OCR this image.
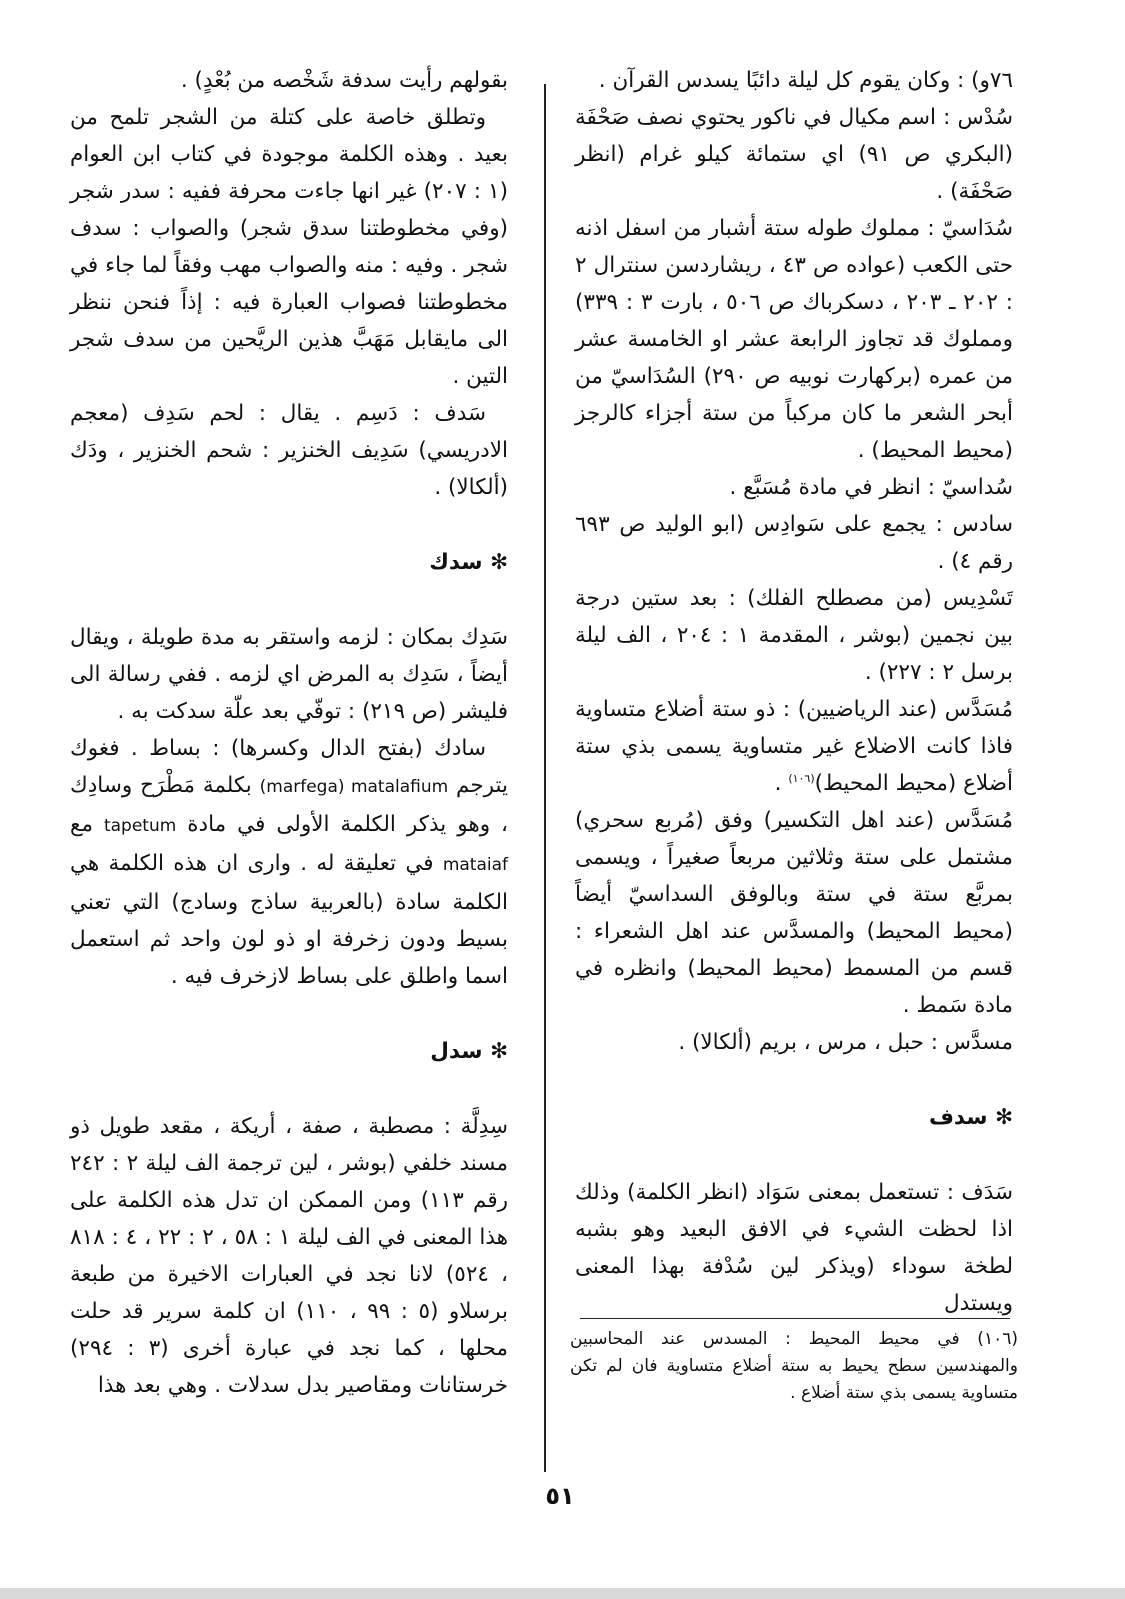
٧٦و) : وكان يقوم كل ليلة دائبًا يسدس القرآن .

سُدْس : اسم مكيال في ناكور يحتوي نصف صَحْفَة (البكري ص ٩١) اي ستمائة كيلو غرام (انظر صَحْفَة) .

سُدَاسيّ : مملوك طوله ستة أشبار من اسفل اذنه حتى الكعب (عواده ص ٤٣ ، ريشاردسن سنترال ٢ : ٢٠٢ ـ ٢٠٣ ، دسكرباك ص ٥٠٦ ، بارت ٣ : ٣٣٩) ومملوك قد تجاوز الرابعة عشر او الخامسة عشر من عمره (بركهارت نوبيه ص ٢٩٠) السُدَاسيّ من أبحر الشعر ما كان مركباً من ستة أجزاء كالرجز (محيط المحيط) .

سُداسيّ : انظر في مادة مُسَبَّع .

سادس : يجمع على سَوادِس (ابو الوليد ص ٦٩٣ رقم ٤) .

تَسْدِيس (من مصطلح الفلك) : بعد ستين درجة بين نجمين (بوشر ، المقدمة ١ : ٢٠٤ ، الف ليلة برسل ٢ : ٢٢٧) .

مُسَدَّس (عند الرياضيين) : ذو ستة أضلاع متساوية فاذا كانت الاضلاع غير متساوية يسمى بذي ستة أضلاع (محيط المحيط)$^{(١٠٦)}$ .

مُسَدَّس (عند اهل التكسير) وفق (مُربع سحري) مشتمل على ستة وثلاثين مربعاً صغيراً ، ويسمى بمربَّع ستة في ستة وبالوفق السداسيّ أيضاً (محيط المحيط) والمسدَّس عند اهل الشعراء : قسم من المسمط (محيط المحيط) وانظره في مادة سَمط .

مسدَّس : حبل ، مرس ، بريم (ألكالا) .

✻ سدف

سَدَف : تستعمل بمعنى سَوَاد (انظر الكلمة) وذلك اذا لحظت الشيء في الافق البعيد وهو بشبه لطخة سوداء (ويذكر لين سُدْفة بهذا المعنى ويستدل

بقولهم رأيت سدفة شَخْصه من بُعْدٍ) .

وتطلق خاصة على كتلة من الشجر تلمح من بعيد . وهذه الكلمة موجودة في كتاب ابن العوام (١ : ٢٠٧) غير انها جاءت محرفة ففيه : سدر شجر (وفي مخطوطتنا سدق شجر) والصواب : سدف شجر . وفيه : منه والصواب مهب وفقاً لما جاء في مخطوطتنا فصواب العبارة فيه : إذاً فنحن ننظر الى مايقابل مَهَبَّ هذين الريَّحين من سدف شجر التين .

سَدف : دَسِم . يقال : لحم سَدِف (معجم الادريسي) سَدِيف الخنزير : شحم الخنزير ، ودَك (ألكالا) .

✻ سدك

سَدِك بمكان : لزمه واستقر به مدة طويلة ، ويقال أيضاً ، سَدِك به المرض اي لزمه . ففي رسالة الى فليشر (ص ٢١٩) : توفّي بعد علّة سدكت به .

سادك (بفتح الدال وكسرها) : بساط . فغوك يترجم (marfega) matalafium بكلمة مَطْرَح وسادِك ، وهو يذكر الكلمة الأولى في مادة tapetum مع mataiaf في تعليقة له . وارى ان هذه الكلمة هي الكلمة سادة (بالعربية ساذج وسادج) التي تعني بسيط ودون زخرفة او ذو لون واحد ثم استعمل اسما واطلق على بساط لازخرف فيه .

✻ سدل

سِدِلَّة : مصطبة ، صفة ، أريكة ، مقعد طويل ذو مسند خلفي (بوشر ، لين ترجمة الف ليلة ٢ : ٢٤٢ رقم ١١٣) ومن الممكن ان تدل هذه الكلمة على هذا المعنى في الف ليلة ١ : ٥٨ ، ٢ : ٢٢ ، ٤ : ٨١٨ ، ٥٢٤) لانا نجد في العبارات الاخيرة من طبعة برسلاو (٥ : ٩٩ ، ١١٠) ان كلمة سرير قد حلت محلها ، كما نجد في عبارة أخرى (٣ : ٢٩٤) خرستانات ومقاصير بدل سدلات . وهي بعد هذا

(١٠٦) في محيط المحيط : المسدس عند المحاسبين والمهندسين سطح يحيط به ستة أضلاع متساوية فان لم تكن متساوية يسمى بذي ستة أضلاع .

٥١
